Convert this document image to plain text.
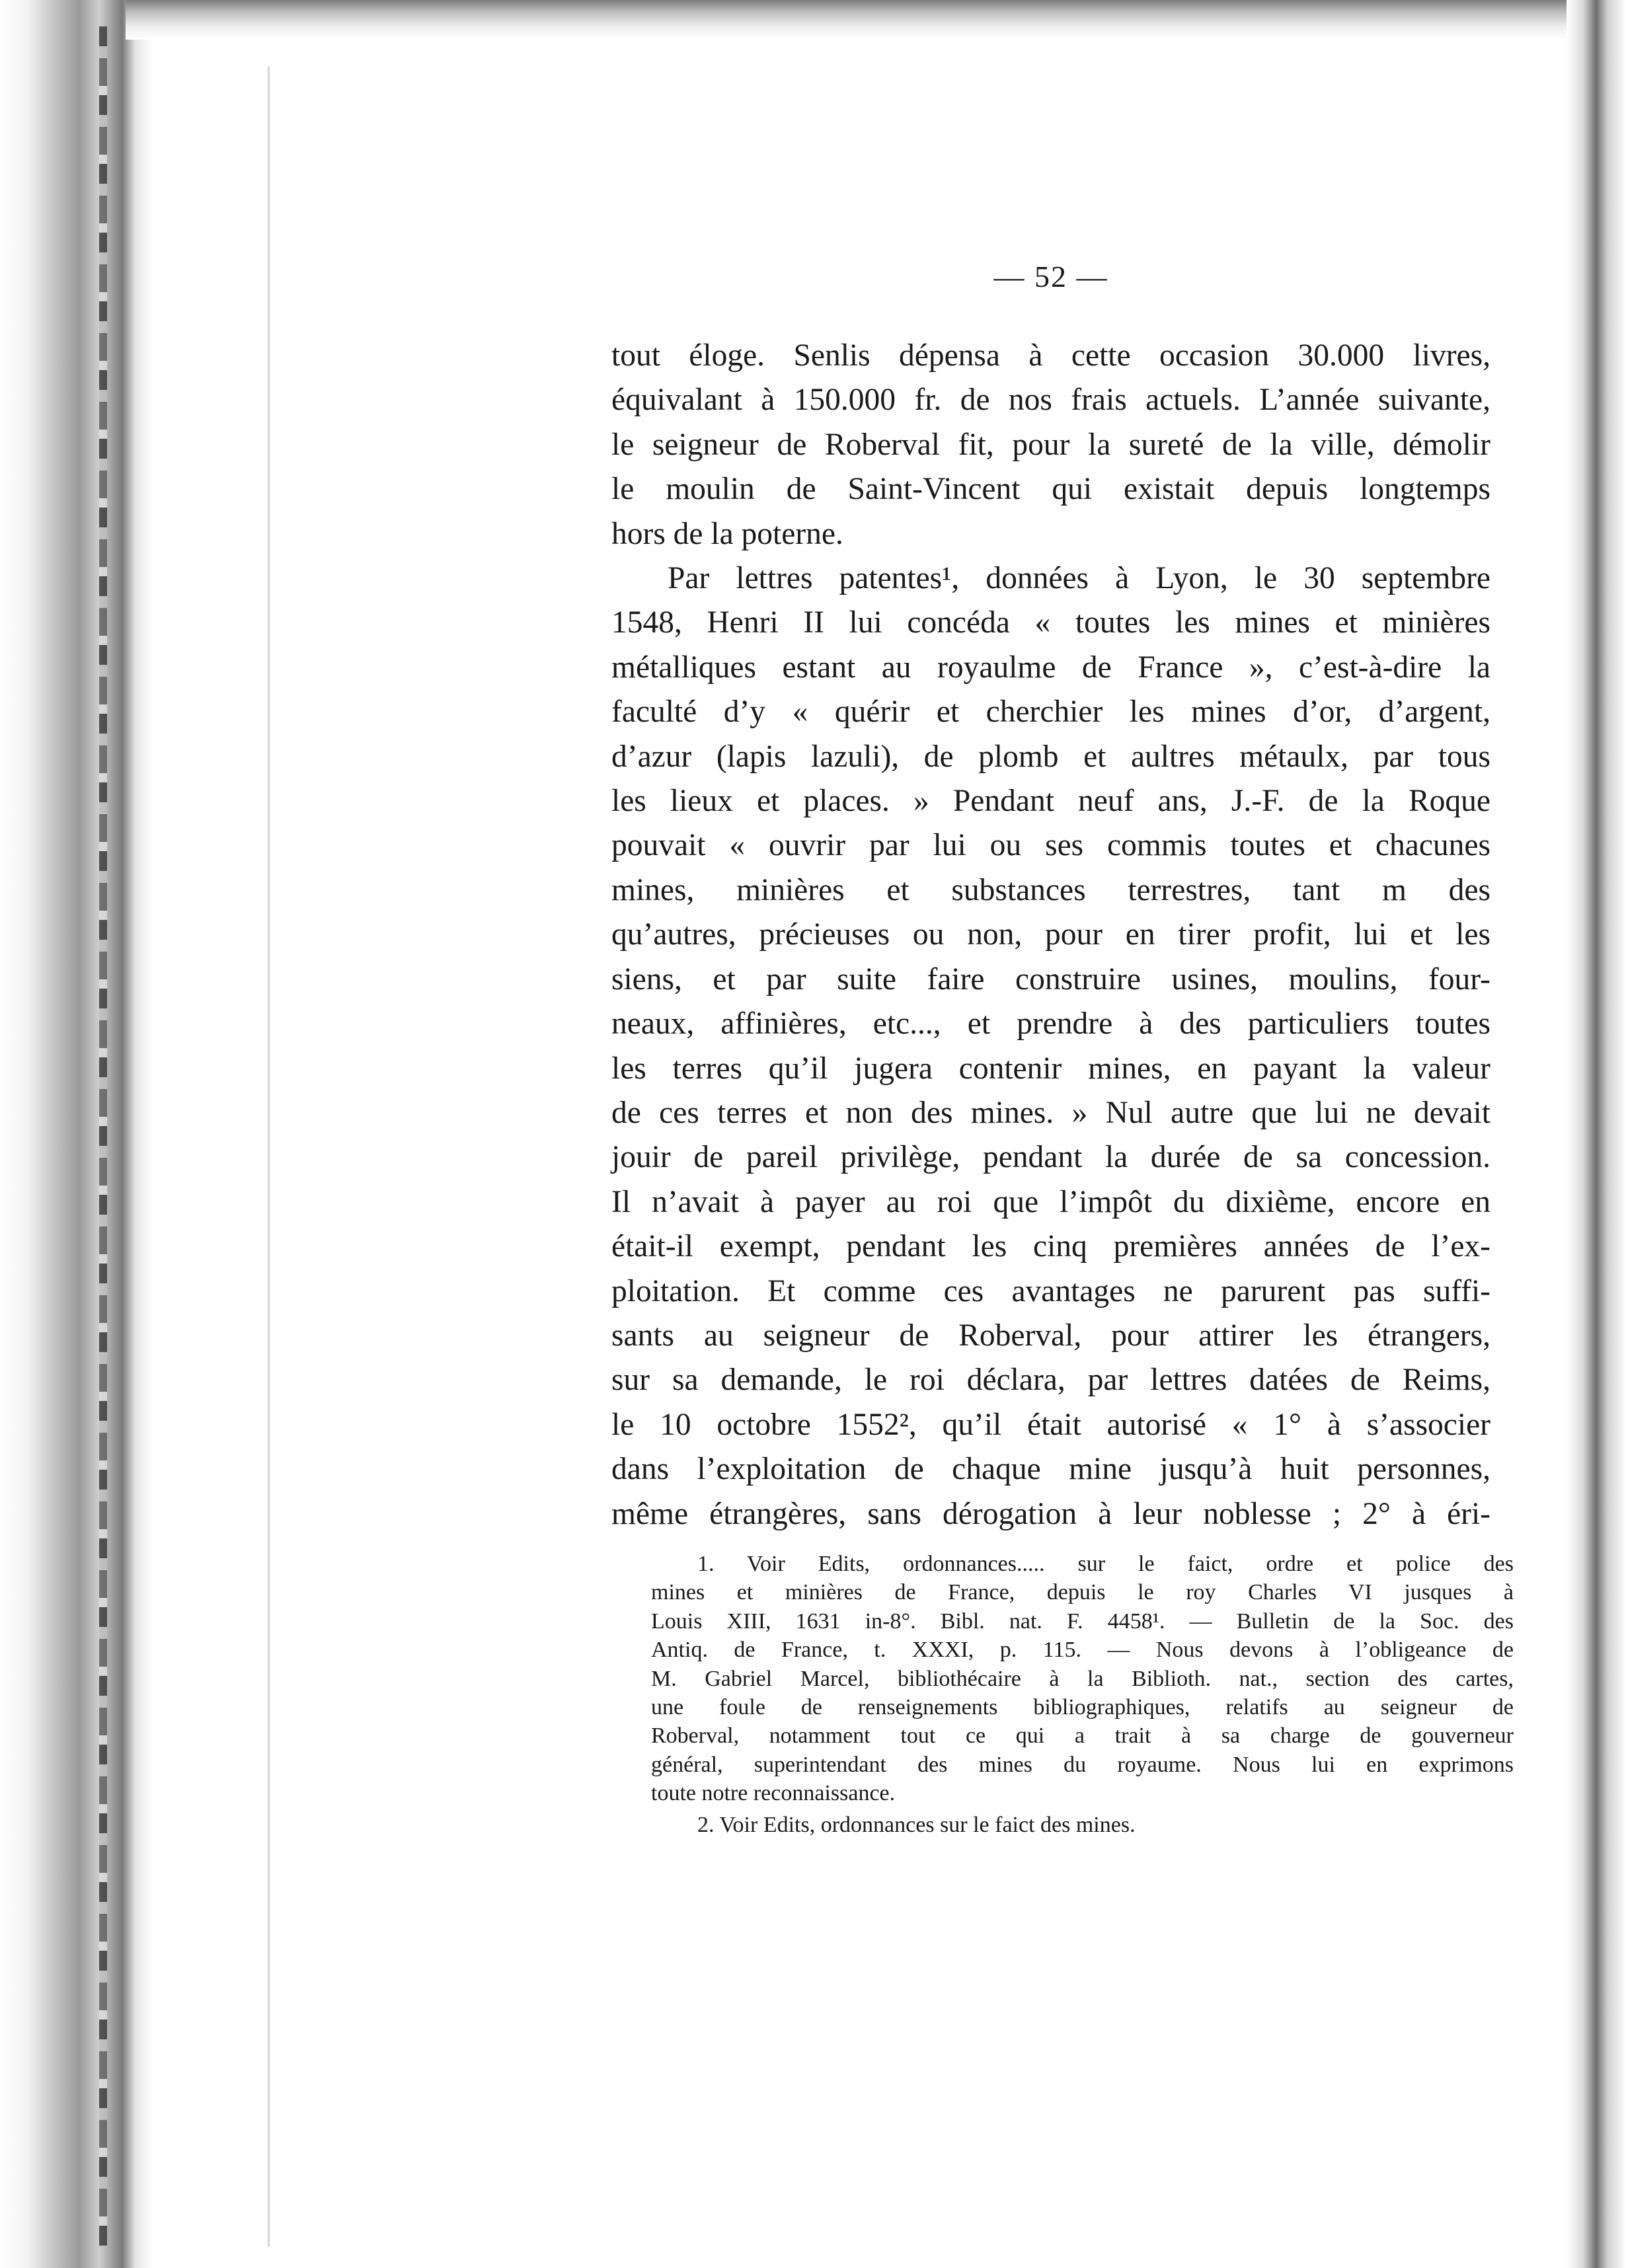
— 52 —
tout éloge. Senlis dépensa à cette occasion 30.000 livres,
équivalant à 150.000 fr. de nos frais actuels. L’année suivante,
le seigneur de Roberval fit, pour la sureté de la ville, démolir
le moulin de Saint-Vincent qui existait depuis longtemps
hors de la poterne.
Par lettres patentes¹, données à Lyon, le 30 septembre
1548, Henri II lui concéda « toutes les mines et minières
métalliques estant au royaulme de France », c’est-à-dire la
faculté d’y « quérir et cherchier les mines d’or, d’argent,
d’azur (lapis lazuli), de plomb et aultres métaulx, par tous
les lieux et places. » Pendant neuf ans, J.-F. de la Roque
pouvait « ouvrir par lui ou ses commis toutes et chacunes
mines, minières et substances terrestres, tant m des
qu’autres, précieuses ou non, pour en tirer profit, lui et les
siens, et par suite faire construire usines, moulins, four-
neaux, affinières, etc..., et prendre à des particuliers toutes
les terres qu’il jugera contenir mines, en payant la valeur
de ces terres et non des mines. » Nul autre que lui ne devait
jouir de pareil privilège, pendant la durée de sa concession.
Il n’avait à payer au roi que l’impôt du dixième, encore en
était-il exempt, pendant les cinq premières années de l’ex-
ploitation. Et comme ces avantages ne parurent pas suffi-
sants au seigneur de Roberval, pour attirer les étrangers,
sur sa demande, le roi déclara, par lettres datées de Reims,
le 10 octobre 1552², qu’il était autorisé « 1° à s’associer
dans l’exploitation de chaque mine jusqu’à huit personnes,
même étrangères, sans dérogation à leur noblesse ; 2° à éri-
1. Voir Edits, ordonnances..... sur le faict, ordre et police des
mines et minières de France, depuis le roy Charles VI jusques à
Louis XIII, 1631 in-8°. Bibl. nat. F. 4458¹. — Bulletin de la Soc. des
Antiq. de France, t. XXXI, p. 115. — Nous devons à l’obligeance de
M. Gabriel Marcel, bibliothécaire à la Biblioth. nat., section des cartes,
une foule de renseignements bibliographiques, relatifs au seigneur de
Roberval, notamment tout ce qui a trait à sa charge de gouverneur
général, superintendant des mines du royaume. Nous lui en exprimons
toute notre reconnaissance.
2. Voir Edits, ordonnances sur le faict des mines.
